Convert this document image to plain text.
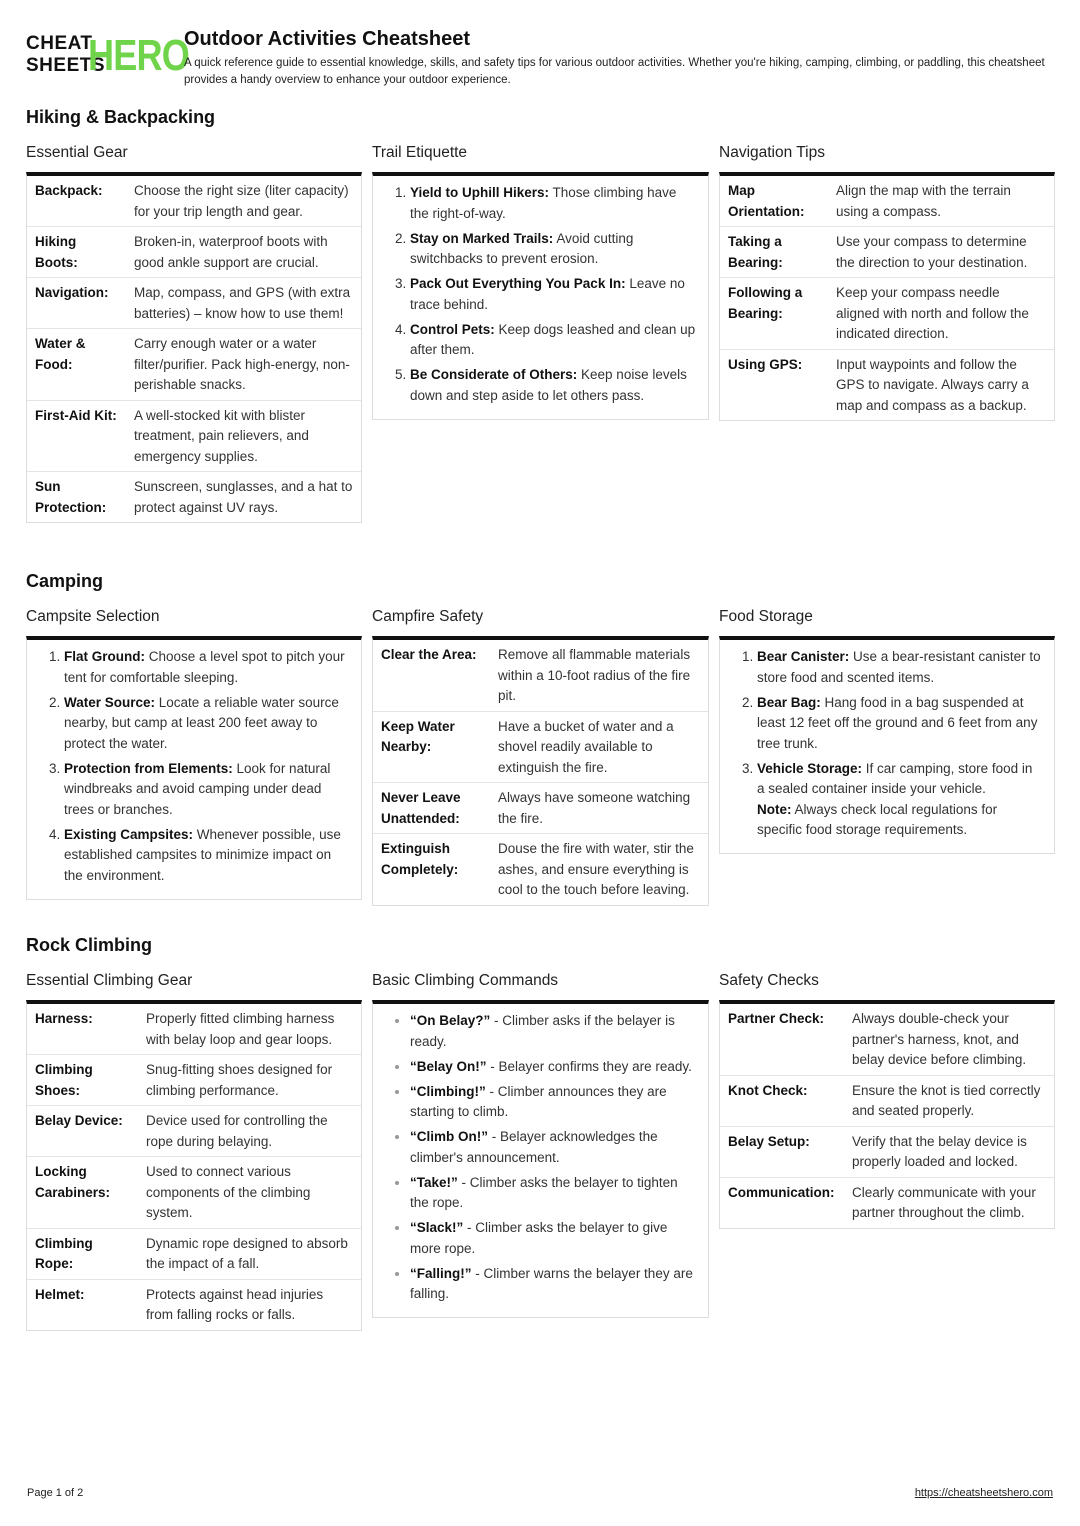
CHEAT
SHEETS
HERO
Outdoor Activities Cheatsheet
A quick reference guide to essential knowledge, skills, and safety tips for various outdoor activities. Whether you're hiking, camping, climbing, or paddling, this cheatsheet provides a handy overview to enhance your outdoor experience.
Hiking & Backpacking
Essential Gear
Backpack:	Choose the right size (liter capacity) for your trip length and gear.
Hiking Boots:	Broken-in, waterproof boots with good ankle support are crucial.
Navigation:	Map, compass, and GPS (with extra batteries) – know how to use them!
Water & Food:	Carry enough water or a water filter/purifier. Pack high-energy, non-perishable snacks.
First-Aid Kit:	A well-stocked kit with blister treatment, pain relievers, and emergency supplies.
Sun Protection:	Sunscreen, sunglasses, and a hat to protect against UV rays.
Trail Etiquette
1. Yield to Uphill Hikers: Those climbing have the right-of-way.
2. Stay on Marked Trails: Avoid cutting switchbacks to prevent erosion.
3. Pack Out Everything You Pack In: Leave no trace behind.
4. Control Pets: Keep dogs leashed and clean up after them.
5. Be Considerate of Others: Keep noise levels down and step aside to let others pass.
Navigation Tips
Map Orientation:	Align the map with the terrain using a compass.
Taking a Bearing:	Use your compass to determine the direction to your destination.
Following a Bearing:	Keep your compass needle aligned with north and follow the indicated direction.
Using GPS:	Input waypoints and follow the GPS to navigate. Always carry a map and compass as a backup.
Camping
Campsite Selection
1. Flat Ground: Choose a level spot to pitch your tent for comfortable sleeping.
2. Water Source: Locate a reliable water source nearby, but camp at least 200 feet away to protect the water.
3. Protection from Elements: Look for natural windbreaks and avoid camping under dead trees or branches.
4. Existing Campsites: Whenever possible, use established campsites to minimize impact on the environment.
Campfire Safety
Clear the Area:	Remove all flammable materials within a 10-foot radius of the fire pit.
Keep Water Nearby:	Have a bucket of water and a shovel readily available to extinguish the fire.
Never Leave Unattended:	Always have someone watching the fire.
Extinguish Completely:	Douse the fire with water, stir the ashes, and ensure everything is cool to the touch before leaving.
Food Storage
1. Bear Canister: Use a bear-resistant canister to store food and scented items.
2. Bear Bag: Hang food in a bag suspended at least 12 feet off the ground and 6 feet from any tree trunk.
3. Vehicle Storage: If car camping, store food in a sealed container inside your vehicle.
Note: Always check local regulations for specific food storage requirements.
Rock Climbing
Essential Climbing Gear
Harness:	Properly fitted climbing harness with belay loop and gear loops.
Climbing Shoes:	Snug-fitting shoes designed for climbing performance.
Belay Device:	Device used for controlling the rope during belaying.
Locking Carabiners:	Used to connect various components of the climbing system.
Climbing Rope:	Dynamic rope designed to absorb the impact of a fall.
Helmet:	Protects against head injuries from falling rocks or falls.
Basic Climbing Commands
• “On Belay?” - Climber asks if the belayer is ready.
• “Belay On!” - Belayer confirms they are ready.
• “Climbing!” - Climber announces they are starting to climb.
• “Climb On!” - Belayer acknowledges the climber's announcement.
• “Take!” - Climber asks the belayer to tighten the rope.
• “Slack!” - Climber asks the belayer to give more rope.
• “Falling!” - Climber warns the belayer they are falling.
Safety Checks
Partner Check:	Always double-check your partner's harness, knot, and belay device before climbing.
Knot Check:	Ensure the knot is tied correctly and seated properly.
Belay Setup:	Verify that the belay device is properly loaded and locked.
Communication:	Clearly communicate with your partner throughout the climb.
Page 1 of 2	https://cheatsheetshero.com
